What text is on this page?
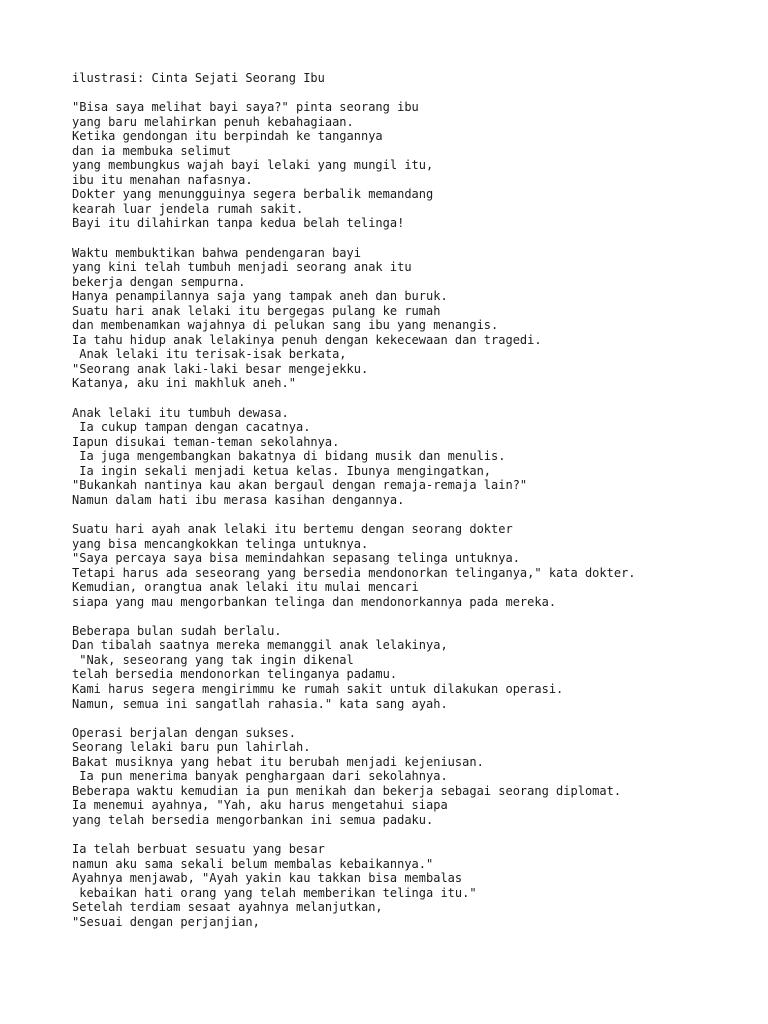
ilustrasi: Cinta Sejati Seorang Ibu
"Bisa saya melihat bayi saya?" pinta seorang ibu
yang baru melahirkan penuh kebahagiaan.
Ketika gendongan itu berpindah ke tangannya
dan ia membuka selimut
yang membungkus wajah bayi lelaki yang mungil itu,
ibu itu menahan nafasnya.
Dokter yang menungguinya segera berbalik memandang
kearah luar jendela rumah sakit.
Bayi itu dilahirkan tanpa kedua belah telinga!
Waktu membuktikan bahwa pendengaran bayi
yang kini telah tumbuh menjadi seorang anak itu
bekerja dengan sempurna.
Hanya penampilannya saja yang tampak aneh dan buruk.
Suatu hari anak lelaki itu bergegas pulang ke rumah
dan membenamkan wajahnya di pelukan sang ibu yang menangis.
Ia tahu hidup anak lelakinya penuh dengan kekecewaan dan tragedi.
Anak lelaki itu terisak-isak berkata,
"Seorang anak laki-laki besar mengejekku.
Katanya, aku ini makhluk aneh."
Anak lelaki itu tumbuh dewasa.
Ia cukup tampan dengan cacatnya.
Iapun disukai teman-teman sekolahnya.
Ia juga mengembangkan bakatnya di bidang musik dan menulis.
Ia ingin sekali menjadi ketua kelas. Ibunya mengingatkan,
"Bukankah nantinya kau akan bergaul dengan remaja-remaja lain?"
Namun dalam hati ibu merasa kasihan dengannya.
Suatu hari ayah anak lelaki itu bertemu dengan seorang dokter
yang bisa mencangkokkan telinga untuknya.
"Saya percaya saya bisa memindahkan sepasang telinga untuknya.
Tetapi harus ada seseorang yang bersedia mendonorkan telinganya," kata dokter.
Kemudian, orangtua anak lelaki itu mulai mencari
siapa yang mau mengorbankan telinga dan mendonorkannya pada mereka.
Beberapa bulan sudah berlalu.
Dan tibalah saatnya mereka memanggil anak lelakinya,
"Nak, seseorang yang tak ingin dikenal
telah bersedia mendonorkan telinganya padamu.
Kami harus segera mengirimmu ke rumah sakit untuk dilakukan operasi.
Namun, semua ini sangatlah rahasia." kata sang ayah.
Operasi berjalan dengan sukses.
Seorang lelaki baru pun lahirlah.
Bakat musiknya yang hebat itu berubah menjadi kejeniusan.
Ia pun menerima banyak penghargaan dari sekolahnya.
Beberapa waktu kemudian ia pun menikah dan bekerja sebagai seorang diplomat.
Ia menemui ayahnya, "Yah, aku harus mengetahui siapa
yang telah bersedia mengorbankan ini semua padaku.
Ia telah berbuat sesuatu yang besar
namun aku sama sekali belum membalas kebaikannya."
Ayahnya menjawab, "Ayah yakin kau takkan bisa membalas
kebaikan hati orang yang telah memberikan telinga itu."
Setelah terdiam sesaat ayahnya melanjutkan,
"Sesuai dengan perjanjian,
